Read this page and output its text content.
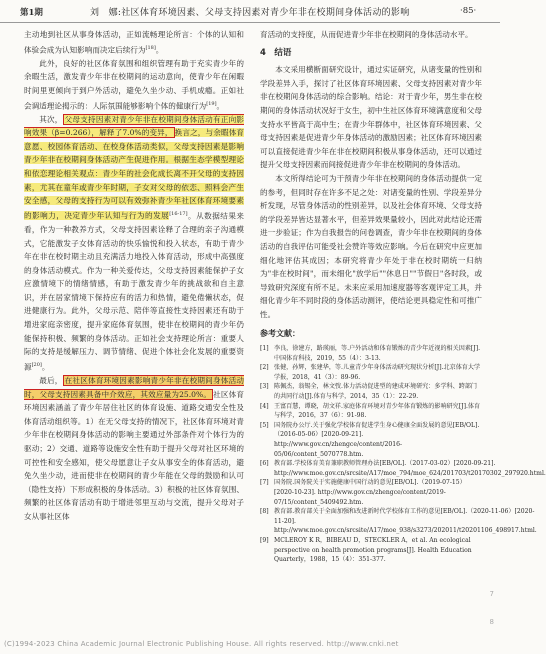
第1期	刘　娜:社区体育环境因素、父母支持因素对青少年非在校期间身体活动的影响	·85·

主动地到社区从事身体活动，正如流畅理论所言：个体的认知和体验会成为认知影响而决定后续行为[18]。

此外，良好的社区体育氛围和组织管理有助于充实青少年的余暇生活，激发青少年非在校期间的运动意向，使青少年在闲暇时间里更倾向于到户外活动，避免久坐少动、手机成瘾。正如社会调适理论揭示的：人际氛围能够影响个体的健康行为[19]。

其次， 父母支持因素对青少年非在校期间身体活动有正向影响效果（β=0.266），解释了7.0%的变异， 换言之，与余暇体育意愿、校园体育活动、在校身体活动类似，父母支持因素是影响青少年非在校期间身体活动产生促进作用。根据生态学模型理论和依恋理论相关观点：青少年的社会化成长离不开父母的支持因素，尤其在童年或青少年时期，子女对父母的依恋、照料会产生安全感，父母的支持行为可以有效弥补青少年社区体育环境要素的影响力，决定青少年认知与行为的发展[16-17]。从数据结果来看，作为一种教养方式，父母支持因素诠释了合理的亲子沟通模式，它能激发子女体育活动的快乐愉悦和投入状态，有助于青少年在非在校时期主动且充满活力地投入体育活动，形成中高强度的身体活动模式。作为一种关爱传达，父母支持因素能保护子女应激情境下的情绪情感，有助于激发青少年的挑战欲和自主意识，并在居家情境下保持应有的活力和热情，避免倦懒状态，促进健康行为。此外，父母示范、陪伴等直接性支持因素还有助于增进家庭亲密度，提升家庭体育氛围，使非在校期间的青少年仍能保持积极、频繁的身体活动。正如社会支持理论所言：重要人际的支持是缓解压力、调节情绪、促进个体社会化发展的重要资源[20]。

最后， 在社区体育环境因素影响青少年非在校期间身体活动时，父母支持因素具备中介效应，其效应量为25.0%。 社区体育环境因素涵盖了青少年居住社区的体育设施、道路交通安全性及体育活动组织等。1）在无父母支持的情况下，社区体育环境对青少年非在校期间身体活动的影响主要通过外部条件对个体行为的驱动；2）交通、道路等设施安全性有助于提升父母对社区环境的可控性和安全感知，使父母愿意让子女从事安全的体育活动，避免久坐少动，进而使非在校期间的青少年能在父母的鼓励和认可（隐性支持）下形成积极的身体活动。3）积极的社区体育氛围、频繁的社区体育活动有助于增进邻里互动与交流，提升父母对子女从事社区体

育活动的支持度，从而促进青少年非在校期间的身体活动水平。

4　结语

本文采用横断面研究设计，通过实证研究，从诸变量的性别和学段差异入手，探讨了社区体育环境因素、父母支持因素对青少年非在校期间身体活动的综合影响。结论：对于青少年，男生非在校期间的身体活动状况好于女生，初中生社区体育环境满意度和父母支持水平皆高于高中生；在青少年群体中，社区体育环境因素、父母支持因素是促进青少年身体活动的激励因素；社区体育环境因素可以直接促进青少年在非在校期间积极从事身体活动，还可以通过提升父母支持因素而间接促进青少年非在校期间的身体活动。

本文所得结论可为干预青少年非在校期间的身体活动提供一定的参考，但同时存在许多不足之处：对诸变量的性别、学段差异分析发现，尽管身体活动的性别差异，以及社会体育环境、父母支持的学段差异皆达显著水平，但差异效果量较小，因此对此结论还需进一步验证；作为自我报告的问卷调查，青少年非在校期间的身体活动的自我评估可能受社会赞许等效应影响。今后在研究中应更加细化地评估其成因；本研究将青少年处于非在校时期统一归纳为"非在校时间"，而未细化"放学后""休息日""节假日"各时段，或导致研究深度有所不足。未来应采用加速度器等客观评定工具，并细化青少年不同时段的身体活动测评，使结论更具稳定性和可推广性。

参考文献：
[1] 李良，徐建方，路瑛丽，等.户外活动和体育锻炼的青少年近视的相关因素[J].中国体育科技，2019，55（4）：3-13.
[2] 张健，孙辉，张建华，等.儿童青少年身体活动研究现状分析[J].北京体育大学学报，2018，41（3）：89-96.
[3] 陈佩杰，翁锡全，林文弢.体力活动促进型的建成环境研究：多学科、跨部门的共同行动[J].体育与科学，2014，35（1）：22-29.
[4] 王富百慧，谭晓，胡文祥.家庭体育环境对青少年体育锻炼的影响研究[J].体育与科学，2016，37（6）：91-98.
[5] 国务院办公厅.关于强化学校体育促进学生身心健康全面发展的意见[EB/OL].（2016-05-06）[2020-09-21]. http://www.gov.cn/zhengce/content/2016-05/06/content_5070778.htm.
[6] 教育部.学校体育美育兼职教师管理办法[EB/OL].（2017-03-02）[2020-09-21]. http://www.moe.gov.cn/srcsite/A17/moe_794/moe_624/201703/t20170302_297920.html.
[7] 国务院.国务院关于实施健康中国行动的意见[EB/OL].（2019-07-15）[2020-10-23]. http://www.gov.cn/zhengce/content/2019-07/15/content_5409492.htm.
[8] 教育部.教育部关于全面加强和改进新时代学校体育工作的意见[EB/OL].（2020-11-06）[2020-11-20]. http://www.moe.gov.cn/srcsite/A17/moe_938/s3273/202011/t20201106_498917.html.
[9] MCLEROY K R，BIBEAU D，STECKLER A，et al. An ecological perspective on health promotion programs[J]. Health Education Quarterly，1988，15（4）：351-377.
7
8
(C)1994-2023 China Academic Journal Electronic Publishing House. All rights reserved. http://www.cnki.net
